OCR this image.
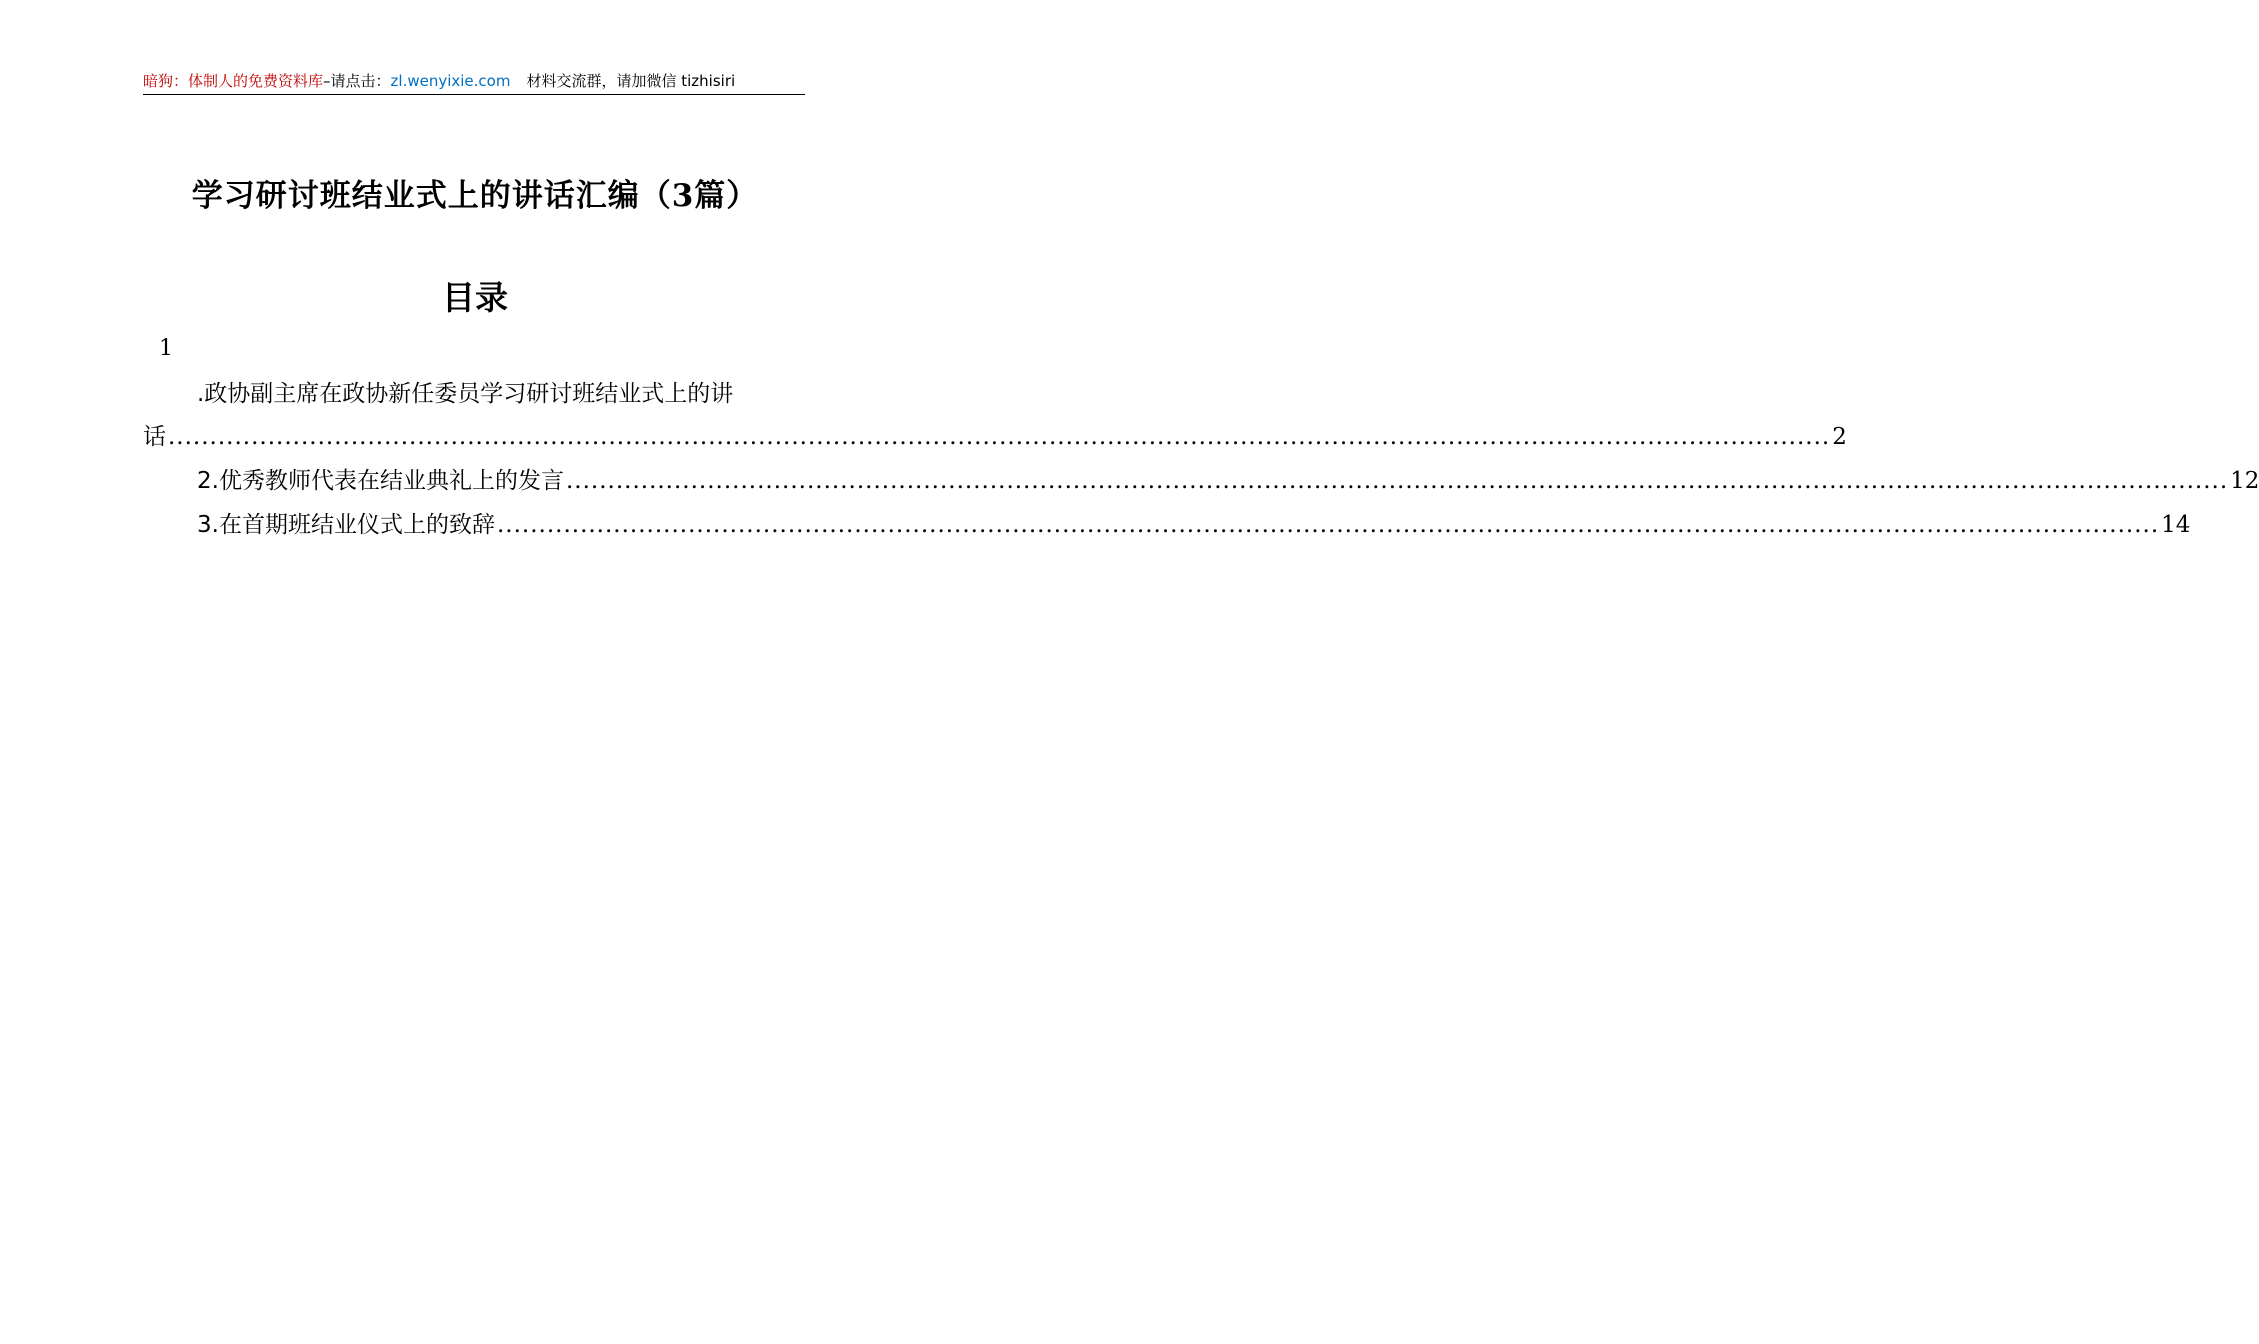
暗狗：体制人的免费资料库–请点击：zl.wenyixie.com 材料交流群，请加微信 tizhisiri
学习研讨班结业式上的讲话汇编（3篇）
目录
1
.政协副主席在政协新任委员学习研讨班结业式上的讲
话 ........................................................................................................................................................................................................ 2
2.优秀教师代表在结业典礼上的发言 ........................................................................................................................................................................................................ 12
3.在首期班结业仪式上的致辞 ........................................................................................................................................................................................................ 14
